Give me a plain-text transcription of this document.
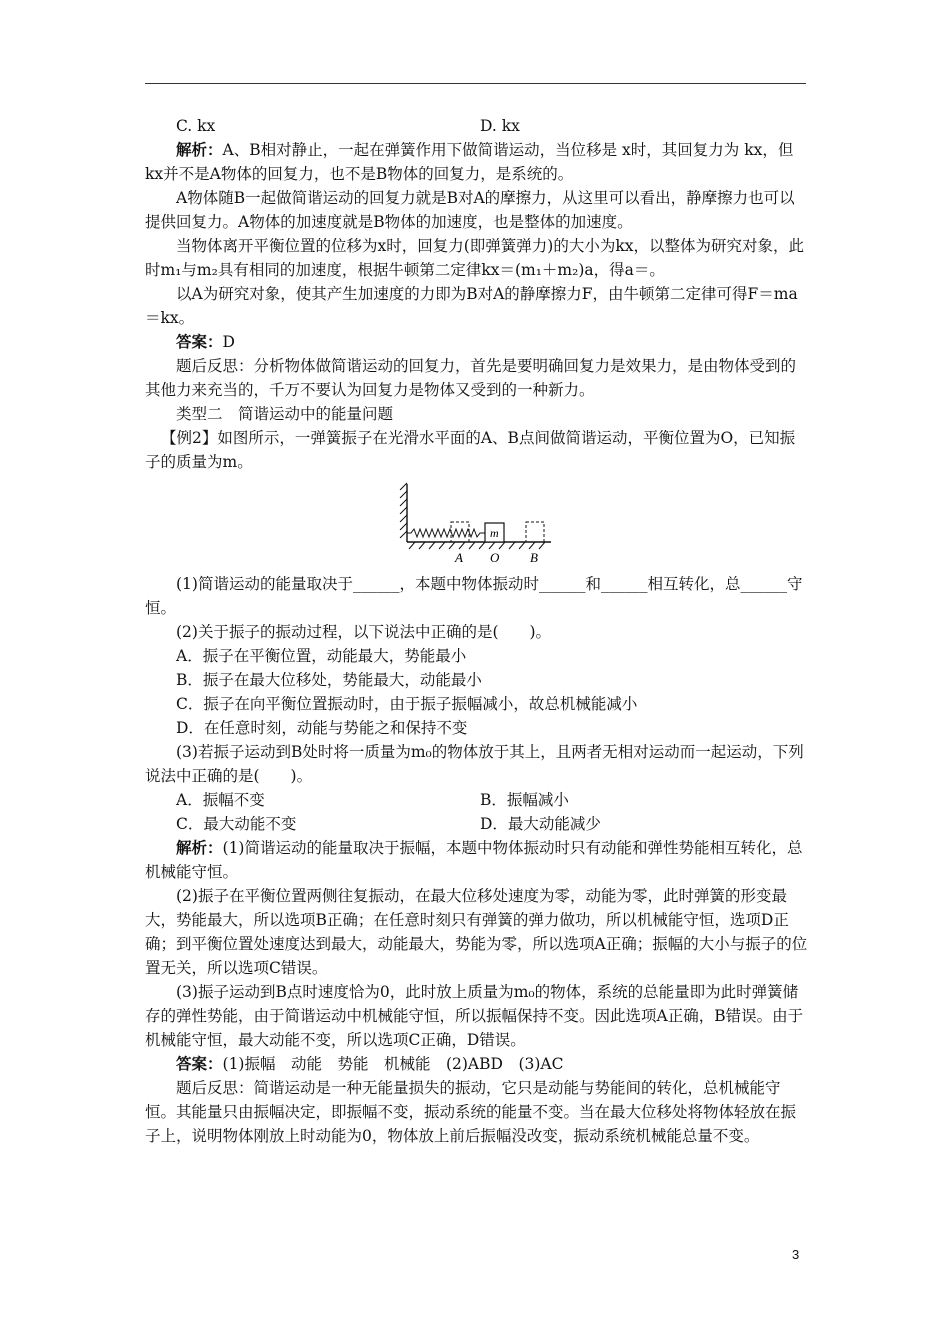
C. kx	D. kx

解析：A、B相对静止，一起在弹簧作用下做简谐运动，当位移是 x时，其回复力为 kx，但kx并不是A物体的回复力，也不是B物体的回复力，是系统的。

A物体随B一起做简谐运动的回复力就是B对A的摩擦力，从这里可以看出，静摩擦力也可以提供回复力。A物体的加速度就是B物体的加速度，也是整体的加速度。

当物体离开平衡位置的位移为x时，回复力(即弹簧弹力)的大小为kx，以整体为研究对象，此时m₁与m₂具有相同的加速度，根据牛顿第二定律kx＝(m₁＋m₂)a，得a＝。

以A为研究对象，使其产生加速度的力即为B对A的静摩擦力F，由牛顿第二定律可得F＝ma＝kx。

答案：D

题后反思：分析物体做简谐运动的回复力，首先是要明确回复力是效果力，是由物体受到的其他力来充当的，千万不要认为回复力是物体又受到的一种新力。

类型二　简谐运动中的能量问题

【例2】如图所示，一弹簧振子在光滑水平面的A、B点间做简谐运动，平衡位置为O，已知振子的质量为m。

m
A O B

(1)简谐运动的能量取决于______，本题中物体振动时______和______相互转化，总______守恒。

(2)关于振子的振动过程，以下说法中正确的是(　　)。

A．振子在平衡位置，动能最大，势能最小

B．振子在最大位移处，势能最大，动能最小

C．振子在向平衡位置振动时，由于振子振幅减小，故总机械能减小

D．在任意时刻，动能与势能之和保持不变

(3)若振子运动到B处时将一质量为m₀的物体放于其上，且两者无相对运动而一起运动，下列说法中正确的是(　　)。

A．振幅不变	B．振幅减小
C．最大动能不变	D．最大动能减少

解析：(1)简谐运动的能量取决于振幅，本题中物体振动时只有动能和弹性势能相互转化，总机械能守恒。

(2)振子在平衡位置两侧往复振动，在最大位移处速度为零，动能为零，此时弹簧的形变最大，势能最大，所以选项B正确；在任意时刻只有弹簧的弹力做功，所以机械能守恒，选项D正确；到平衡位置处速度达到最大，动能最大，势能为零，所以选项A正确；振幅的大小与振子的位置无关，所以选项C错误。

(3)振子运动到B点时速度恰为0，此时放上质量为m₀的物体，系统的总能量即为此时弹簧储存的弹性势能，由于简谐运动中机械能守恒，所以振幅保持不变。因此选项A正确，B错误。由于机械能守恒，最大动能不变，所以选项C正确，D错误。

答案：(1)振幅　动能　势能　机械能　(2)ABD　(3)AC

题后反思：简谐运动是一种无能量损失的振动，它只是动能与势能间的转化，总机械能守恒。其能量只由振幅决定，即振幅不变，振动系统的能量不变。当在最大位移处将物体轻放在振子上，说明物体刚放上时动能为0，物体放上前后振幅没改变，振动系统机械能总量不变。

3
